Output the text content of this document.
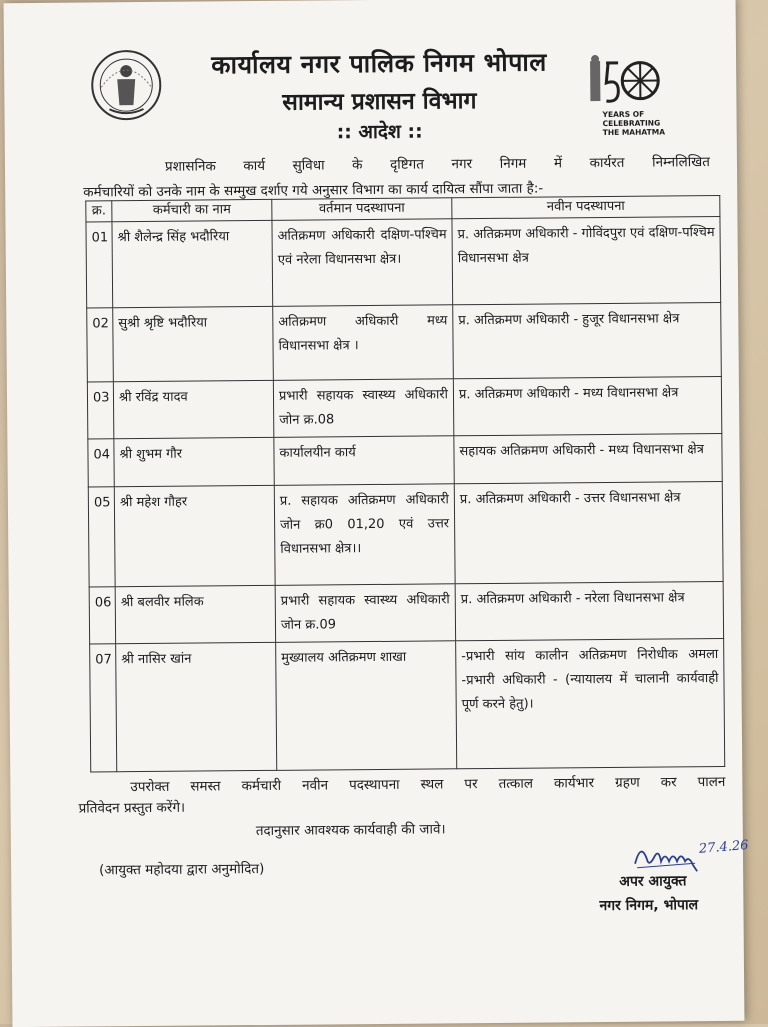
कार्यालय नगर पालिक निगम भोपाल
सामान्य प्रशासन विभाग
:: आदेश ::
YEARS OF
CELEBRATING
THE MAHATMA
प्रशासनिक कार्य सुविधा के दृष्टिगत नगर निगम में कार्यरत निम्नलिखित
कर्मचारियों को उनके नाम के सम्मुख दर्शाए गये अनुसार विभाग का कार्य दायित्व सौंपा जाता है:-
क्र.	कर्मचारी का नाम	वर्तमान पदस्थापना	नवीन पदस्थापना
01	श्री शैलेन्द्र सिंह भदौरिया	अतिक्रमण अधिकारी दक्षिण-पश्चिम एवं नरेला विधानसभा क्षेत्र।	प्र. अतिक्रमण अधिकारी - गोविंदपुरा एवं दक्षिण-पश्चिम विधानसभा क्षेत्र
02	सुश्री श्रृष्टि भदौरिया	अतिक्रमण अधिकारी मध्य विधानसभा क्षेत्र ।	प्र. अतिक्रमण अधिकारी - हुजूर विधानसभा क्षेत्र
03	श्री रविंद्र यादव	प्रभारी सहायक स्वास्थ्य अधिकारी जोन क्र.08	प्र. अतिक्रमण अधिकारी - मध्य विधानसभा क्षेत्र
04	श्री शुभम गौर	कार्यालयीन कार्य	सहायक अतिक्रमण अधिकारी - मध्य विधानसभा क्षेत्र
05	श्री महेश गौहर	प्र. सहायक अतिक्रमण अधिकारी जोन क्र0 01,20 एवं उत्तर विधानसभा क्षेत्र।।	प्र. अतिक्रमण अधिकारी - उत्तर विधानसभा क्षेत्र
06	श्री बलवीर मलिक	प्रभारी सहायक स्वास्थ्य अधिकारी जोन क्र.09	प्र. अतिक्रमण अधिकारी - नरेला विधानसभा क्षेत्र
07	श्री नासिर खांन	मुख्यालय अतिक्रमण शाखा	-प्रभारी सांय कालीन अतिक्रमण निरोधीक अमला -प्रभारी अधिकारी - (न्यायालय में चालानी कार्यवाही पूर्ण करने हेतु)।
उपरोक्त समस्त कर्मचारी नवीन पदस्थापना स्थल पर तत्काल कार्यभार ग्रहण कर पालन
प्रतिवेदन प्रस्तुत करेंगे।
तदानुसार आवश्यक कार्यवाही की जावे।
(आयुक्त महोदया द्वारा अनुमोदित)
27.4.26
अपर आयुक्त
नगर निगम, भोपाल
